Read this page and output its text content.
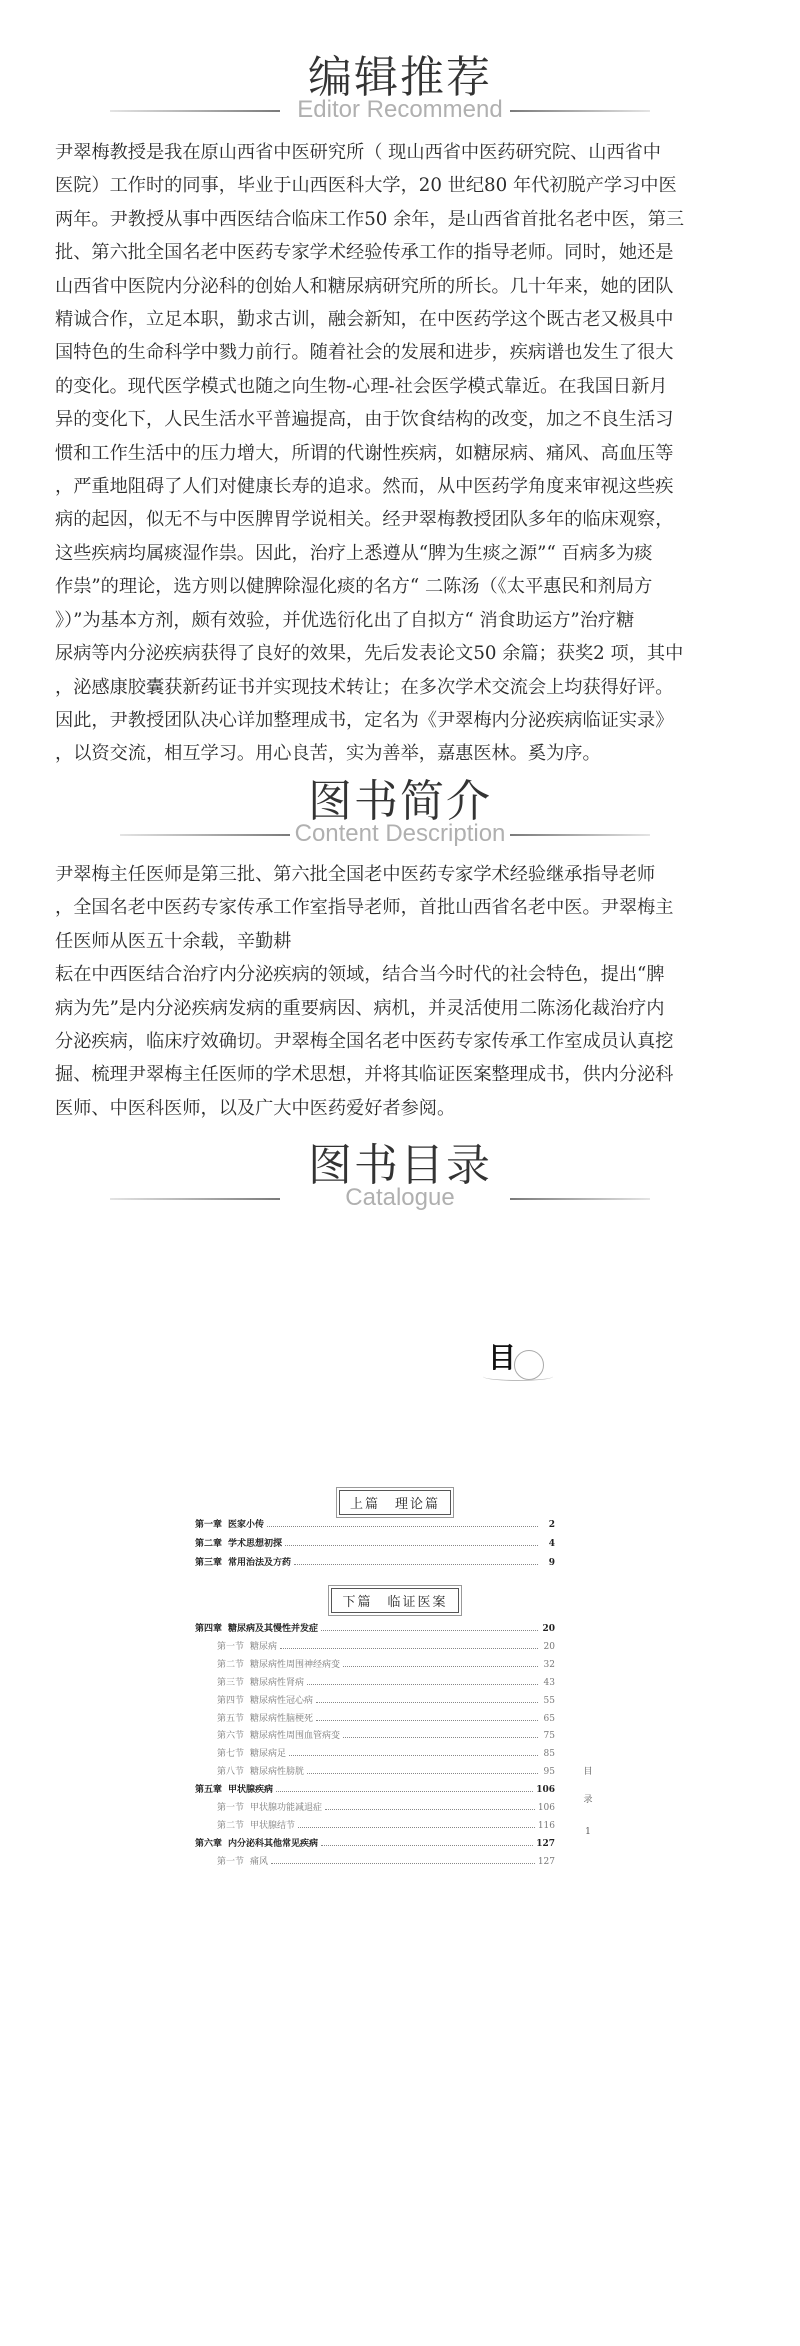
编辑推荐
Editor Recommend
尹翠梅教授是我在原山西省中医研究所（ 现山西省中医药研究院、山西省中
医院）工作时的同事，毕业于山西医科大学，20 世纪80 年代初脱产学习中医
两年。尹教授从事中西医结合临床工作50 余年，是山西省首批名老中医，第三
批、第六批全国名老中医药专家学术经验传承工作的指导老师。同时，她还是
山西省中医院内分泌科的创始人和糖尿病研究所的所长。几十年来，她的团队
精诚合作，立足本职，勤求古训，融会新知，在中医药学这个既古老又极具中
国特色的生命科学中戮力前行。随着社会的发展和进步，疾病谱也发生了很大
的变化。现代医学模式也随之向生物-心理-社会医学模式靠近。在我国日新月
异的变化下，人民生活水平普遍提高，由于饮食结构的改变，加之不良生活习
惯和工作生活中的压力增大，所谓的代谢性疾病，如糖尿病、痛风、高血压等
，严重地阻碍了人们对健康长寿的追求。然而，从中医药学角度来审视这些疾
病的起因，似无不与中医脾胃学说相关。经尹翠梅教授团队多年的临床观察，
这些疾病均属痰湿作祟。因此，治疗上悉遵从“脾为生痰之源”“ 百病多为痰
作祟”的理论，选方则以健脾除湿化痰的名方“ 二陈汤（《太平惠民和剂局方
》）”为基本方剂，颇有效验，并优选衍化出了自拟方“ 消食助运方”治疗糖
尿病等内分泌疾病获得了良好的效果，先后发表论文50 余篇；获奖2 项，其中
，泌感康胶囊获新药证书并实现技术转让；在多次学术交流会上均获得好评。
因此，尹教授团队决心详加整理成书，定名为《尹翠梅内分泌疾病临证实录》
，以资交流，相互学习。用心良苦，实为善举，嘉惠医林。奚为序。
图书简介
Content Description
尹翠梅主任医师是第三批、第六批全国老中医药专家学术经验继承指导老师
，全国名老中医药专家传承工作室指导老师，首批山西省名老中医。尹翠梅主
任医师从医五十余载，辛勤耕
耘在中西医结合治疗内分泌疾病的领域，结合当今时代的社会特色，提出“脾
病为先”是内分泌疾病发病的重要病因、病机，并灵活使用二陈汤化裁治疗内
分泌疾病，临床疗效确切。尹翠梅全国名老中医药专家传承工作室成员认真挖
掘、梳理尹翠梅主任医师的学术思想，并将其临证医案整理成书，供内分泌科
医师、中医科医师，以及广大中医药爱好者参阅。
图书目录
Catalogue
目
上篇　理论篇
第一章 医家小传	2
第二章 学术思想初探	4
第三章 常用治法及方药	9
下篇　临证医案
第四章 糖尿病及其慢性并发症	20
第一节 糖尿病	20
第二节 糖尿病性周围神经病变	32
第三节 糖尿病性肾病	43
第四节 糖尿病性冠心病	55
第五节 糖尿病性脑梗死	65
第六节 糖尿病性周围血管病变	75
第七节 糖尿病足	85
第八节 糖尿病性膀胱	95
第五章 甲状腺疾病	106
第一节 甲状腺功能减退症	106
第二节 甲状腺结节	116
第六章 内分泌科其他常见疾病	127
第一节 痛风	127
目
录
1
